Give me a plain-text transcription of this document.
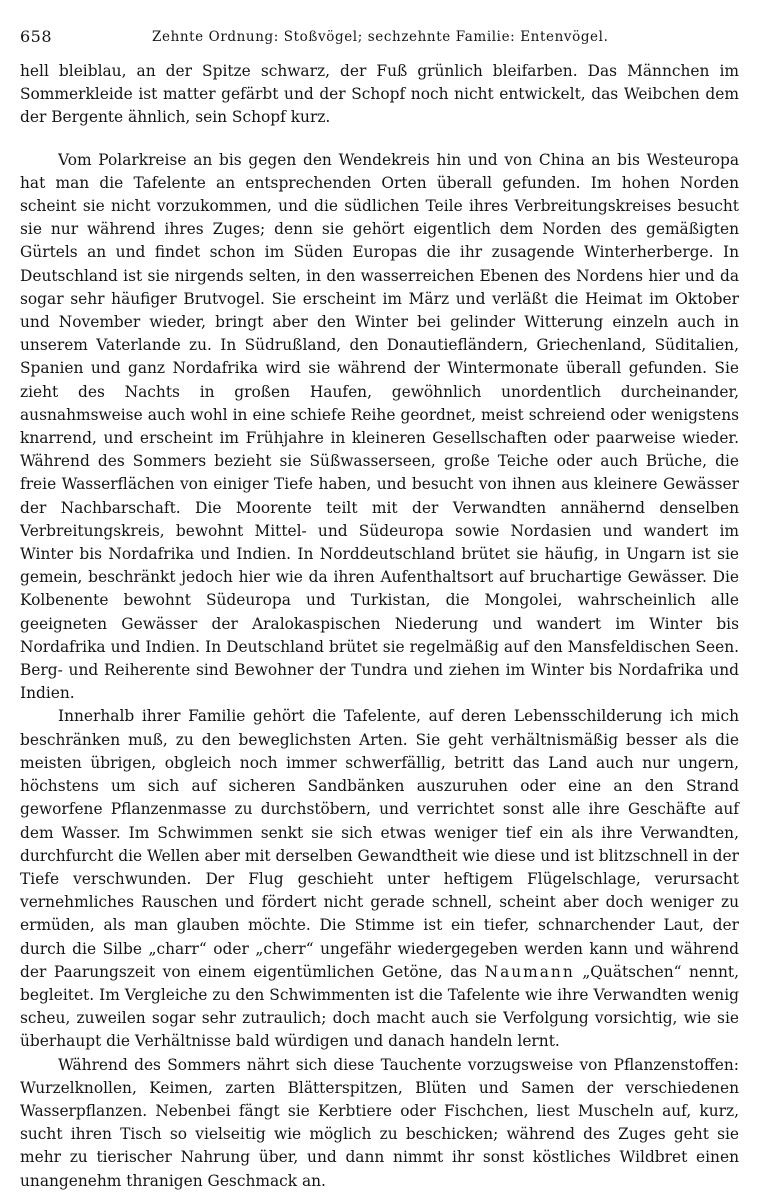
658	Zehnte Ordnung: Stoßvögel; sechzehnte Familie: Entenvögel.

hell bleiblau, an der Spitze schwarz, der Fuß grünlich bleifarben. Das Männchen im Sommerkleide ist matter gefärbt und der Schopf noch nicht entwickelt, das Weibchen dem der Bergente ähnlich, sein Schopf kurz.

Vom Polarkreise an bis gegen den Wendekreis hin und von China an bis Westeuropa hat man die Tafelente an entsprechenden Orten überall gefunden. Im hohen Norden scheint sie nicht vorzukommen, und die südlichen Teile ihres Verbreitungskreises besucht sie nur während ihres Zuges; denn sie gehört eigentlich dem Norden des gemäßigten Gürtels an und findet schon im Süden Europas die ihr zusagende Winterherberge. In Deutschland ist sie nirgends selten, in den wasserreichen Ebenen des Nordens hier und da sogar sehr häufiger Brutvogel. Sie erscheint im März und verläßt die Heimat im Oktober und November wieder, bringt aber den Winter bei gelinder Witterung einzeln auch in unserem Vaterlande zu. In Südrußland, den Donautiefländern, Griechenland, Süditalien, Spanien und ganz Nordafrika wird sie während der Wintermonate überall gefunden. Sie zieht des Nachts in großen Haufen, gewöhnlich unordentlich durcheinander, ausnahmsweise auch wohl in eine schiefe Reihe geordnet, meist schreiend oder wenigstens knarrend, und erscheint im Frühjahre in kleineren Gesellschaften oder paarweise wieder. Während des Sommers bezieht sie Süßwasserseen, große Teiche oder auch Brüche, die freie Wasserflächen von einiger Tiefe haben, und besucht von ihnen aus kleinere Gewässer der Nachbarschaft. Die Moorente teilt mit der Verwandten annähernd denselben Verbreitungskreis, bewohnt Mittel- und Südeuropa sowie Nordasien und wandert im Winter bis Nordafrika und Indien. In Norddeutschland brütet sie häufig, in Ungarn ist sie gemein, beschränkt jedoch hier wie da ihren Aufenthaltsort auf bruchartige Gewässer. Die Kolbenente bewohnt Südeuropa und Turkistan, die Mongolei, wahrscheinlich alle geeigneten Gewässer der Aralokaspischen Niederung und wandert im Winter bis Nordafrika und Indien. In Deutschland brütet sie regelmäßig auf den Mansfeldischen Seen. Berg- und Reiherente sind Bewohner der Tundra und ziehen im Winter bis Nordafrika und Indien.

Innerhalb ihrer Familie gehört die Tafelente, auf deren Lebensschilderung ich mich beschränken muß, zu den beweglichsten Arten. Sie geht verhältnismäßig besser als die meisten übrigen, obgleich noch immer schwerfällig, betritt das Land auch nur ungern, höchstens um sich auf sicheren Sandbänken auszuruhen oder eine an den Strand geworfene Pflanzenmasse zu durchstöbern, und verrichtet sonst alle ihre Geschäfte auf dem Wasser. Im Schwimmen senkt sie sich etwas weniger tief ein als ihre Verwandten, durchfurcht die Wellen aber mit derselben Gewandtheit wie diese und ist blitzschnell in der Tiefe verschwunden. Der Flug geschieht unter heftigem Flügelschlage, verursacht vernehmliches Rauschen und fördert nicht gerade schnell, scheint aber doch weniger zu ermüden, als man glauben möchte. Die Stimme ist ein tiefer, schnarchender Laut, der durch die Silbe „charr“ oder „cherr“ ungefähr wiedergegeben werden kann und während der Paarungszeit von einem eigentümlichen Getöne, das Naumann „Quätschen“ nennt, begleitet. Im Vergleiche zu den Schwimmenten ist die Tafelente wie ihre Verwandten wenig scheu, zuweilen sogar sehr zutraulich; doch macht auch sie Verfolgung vorsichtig, wie sie überhaupt die Verhältnisse bald würdigen und danach handeln lernt.

Während des Sommers nährt sich diese Tauchente vorzugsweise von Pflanzenstoffen: Wurzelknollen, Keimen, zarten Blätterspitzen, Blüten und Samen der verschiedenen Wasserpflanzen. Nebenbei fängt sie Kerbtiere oder Fischchen, liest Muscheln auf, kurz, sucht ihren Tisch so vielseitig wie möglich zu beschicken; während des Zuges geht sie mehr zu tierischer Nahrung über, und dann nimmt ihr sonst köstliches Wildbret einen unangenehm thranigen Geschmack an.
